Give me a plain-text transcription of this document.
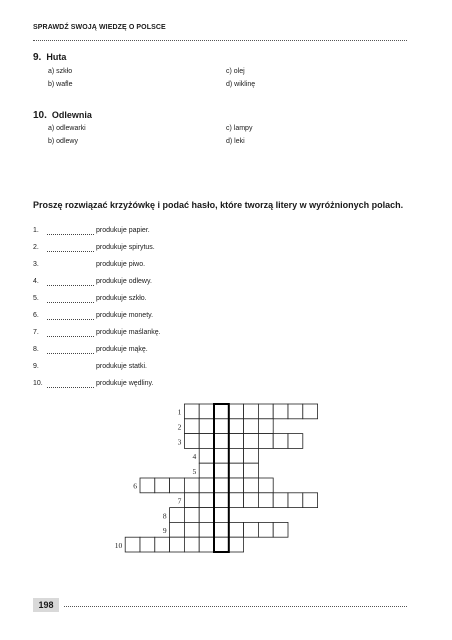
SPRAWDŹ SWOJĄ WIEDZĘ O POLSCE
9. Huta
a) szkło
b) wafle
c) olej
d) wiklinę
10. Odlewnia
a) odlewarki
b) odlewy
c) lampy
d) leki
Proszę rozwiązać krzyżówkę i podać hasło, które tworzą litery w wyróżnionych polach.
1.	produkuje papier.
2.	produkuje spirytus.
3.	produkuje piwo.
4.	produkuje odlewy.
5.	produkuje szkło.
6.	produkuje monety.
7.	produkuje maślankę.
8.	produkuje mąkę.
9.	produkuje statki.
10.	produkuje wędliny.
1
2
3
4
5
6
7
8
9
10
198
